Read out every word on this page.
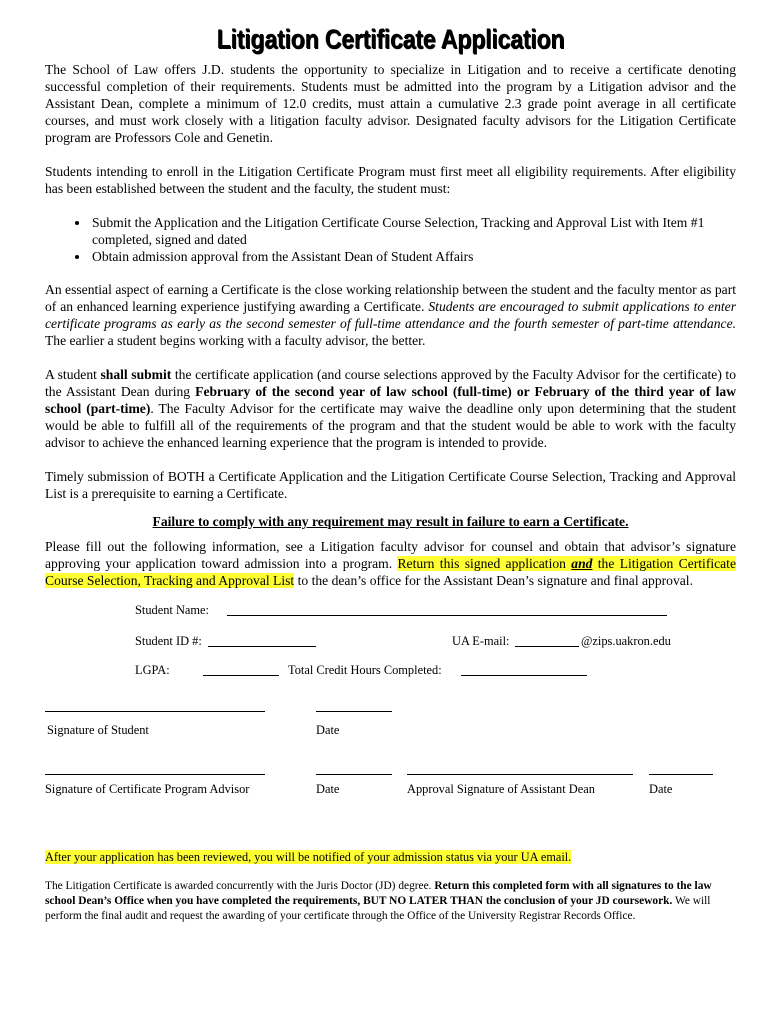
Litigation Certificate Application

The School of Law offers J.D. students the opportunity to specialize in Litigation and to receive a certificate denoting successful completion of their requirements. Students must be admitted into the program by a Litigation advisor and the Assistant Dean, complete a minimum of 12.0 credits, must attain a cumulative 2.3 grade point average in all certificate courses, and must work closely with a litigation faculty advisor. Designated faculty advisors for the Litigation Certificate program are Professors Cole and Genetin.

Students intending to enroll in the Litigation Certificate Program must first meet all eligibility requirements. After eligibility has been established between the student and the faculty, the student must:

• Submit the Application and the Litigation Certificate Course Selection, Tracking and Approval List with Item #1 completed, signed and dated
• Obtain admission approval from the Assistant Dean of Student Affairs

An essential aspect of earning a Certificate is the close working relationship between the student and the faculty mentor as part of an enhanced learning experience justifying awarding a Certificate. Students are encouraged to submit applications to enter certificate programs as early as the second semester of full-time attendance and the fourth semester of part-time attendance. The earlier a student begins working with a faculty advisor, the better.

A student shall submit the certificate application (and course selections approved by the Faculty Advisor for the certificate) to the Assistant Dean during February of the second year of law school (full-time) or February of the third year of law school (part-time). The Faculty Advisor for the certificate may waive the deadline only upon determining that the student would be able to fulfill all of the requirements of the program and that the student would be able to work with the faculty advisor to achieve the enhanced learning experience that the program is intended to provide.

Timely submission of BOTH a Certificate Application and the Litigation Certificate Course Selection, Tracking and Approval List is a prerequisite to earning a Certificate.

Failure to comply with any requirement may result in failure to earn a Certificate.

Please fill out the following information, see a Litigation faculty advisor for counsel and obtain that advisor’s signature approving your application toward admission into a program. Return this signed application and the Litigation Certificate Course Selection, Tracking and Approval List to the dean’s office for the Assistant Dean’s signature and final approval.

Student Name:
Student ID #:	UA E-mail:	@zips.uakron.edu
LGPA:	Total Credit Hours Completed:
Signature of Student	Date
Signature of Certificate Program Advisor	Date	Approval Signature of Assistant Dean	Date
After your application has been reviewed, you will be notified of your admission status via your UA email.
The Litigation Certificate is awarded concurrently with the Juris Doctor (JD) degree. Return this completed form with all signatures to the law school Dean’s Office when you have completed the requirements, BUT NO LATER THAN the conclusion of your JD coursework. We will perform the final audit and request the awarding of your certificate through the Office of the University Registrar Records Office.
